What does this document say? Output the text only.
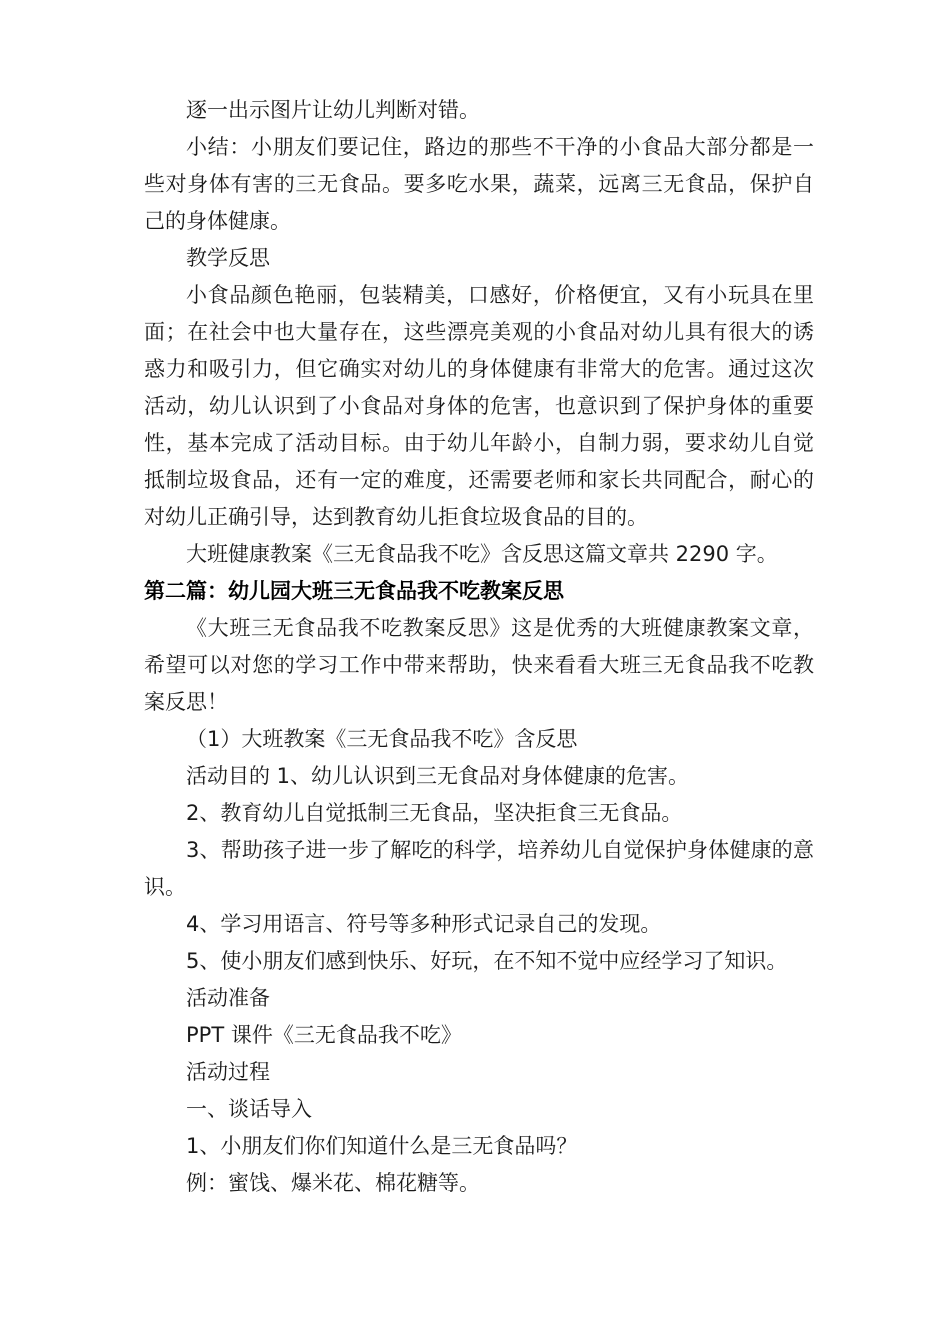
逐一出示图片让幼儿判断对错。

小结：小朋友们要记住，路边的那些不干净的小食品大部分都是一些对身体有害的三无食品。要多吃水果，蔬菜，远离三无食品，保护自己的身体健康。

教学反思

小食品颜色艳丽，包装精美，口感好，价格便宜，又有小玩具在里面；在社会中也大量存在，这些漂亮美观的小食品对幼儿具有很大的诱惑力和吸引力，但它确实对幼儿的身体健康有非常大的危害。通过这次活动，幼儿认识到了小食品对身体的危害，也意识到了保护身体的重要性，基本完成了活动目标。由于幼儿年龄小，自制力弱，要求幼儿自觉抵制垃圾食品，还有一定的难度，还需要老师和家长共同配合，耐心的对幼儿正确引导，达到教育幼儿拒食垃圾食品的目的。

大班健康教案《三无食品我不吃》含反思这篇文章共 2290 字。

第二篇：幼儿园大班三无食品我不吃教案反思

《大班三无食品我不吃教案反思》这是优秀的大班健康教案文章，希望可以对您的学习工作中带来帮助，快来看看大班三无食品我不吃教案反思！

（1）大班教案《三无食品我不吃》含反思

活动目的 1、幼儿认识到三无食品对身体健康的危害。

2、教育幼儿自觉抵制三无食品，坚决拒食三无食品。

3、帮助孩子进一步了解吃的科学，培养幼儿自觉保护身体健康的意识。

4、学习用语言、符号等多种形式记录自己的发现。

5、使小朋友们感到快乐、好玩，在不知不觉中应经学习了知识。

活动准备

PPT 课件《三无食品我不吃》

活动过程

一、谈话导入

1、小朋友们你们知道什么是三无食品吗？

例：蜜饯、爆米花、棉花糖等。
